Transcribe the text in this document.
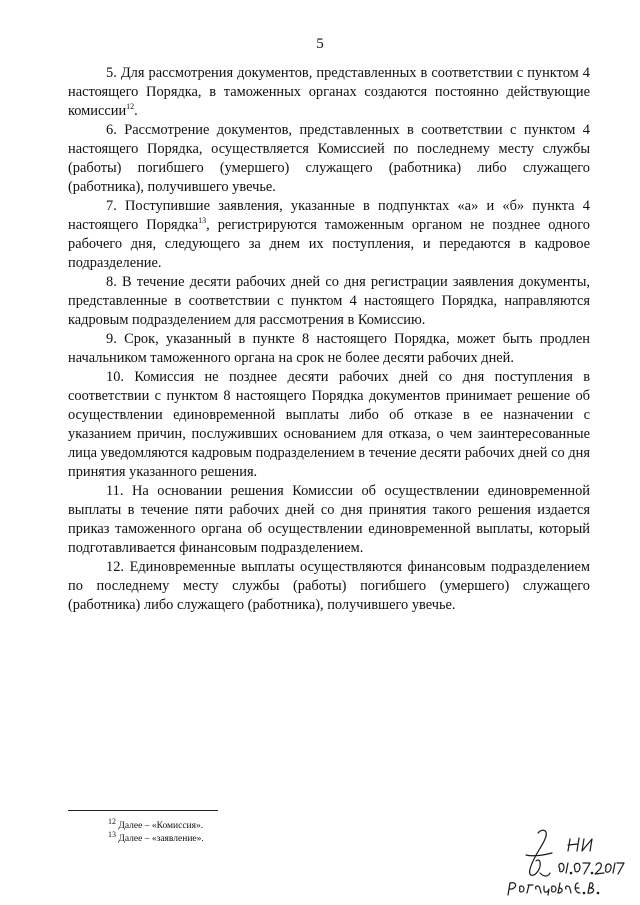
5

5. Для рассмотрения документов, представленных в соответствии с пунктом 4 настоящего Порядка, в таможенных органах создаются постоянно действующие комиссии$^{12}$.

6. Рассмотрение документов, представленных в соответствии с пунктом 4 настоящего Порядка, осуществляется Комиссией по последнему месту службы (работы) погибшего (умершего) служащего (работника) либо служащего (работника), получившего увечье.

7. Поступившие заявления, указанные в подпунктах «а» и «б» пункта 4 настоящего Порядка$^{13}$, регистрируются таможенным органом не позднее одного рабочего дня, следующего за днем их поступления, и передаются в кадровое подразделение.

8. В течение десяти рабочих дней со дня регистрации заявления документы, представленные в соответствии с пунктом 4 настоящего Порядка, направляются кадровым подразделением для рассмотрения в Комиссию.

9. Срок, указанный в пункте 8 настоящего Порядка, может быть продлен начальником таможенного органа на срок не более десяти рабочих дней.

10. Комиссия не позднее десяти рабочих дней со дня поступления в соответствии с пунктом 8 настоящего Порядка документов принимает решение об осуществлении единовременной выплаты либо об отказе в ее назначении с указанием причин, послуживших основанием для отказа, о чем заинтересованные лица уведомляются кадровым подразделением в течение десяти рабочих дней со дня принятия указанного решения.

11. На основании решения Комиссии об осуществлении единовременной выплаты в течение пяти рабочих дней со дня принятия такого решения издается приказ таможенного органа об осуществлении единовременной выплаты, который подготавливается финансовым подразделением.

12. Единовременные выплаты осуществляются финансовым подразделением по последнему месту службы (работы) погибшего (умершего) служащего (работника) либо служащего (работника), получившего увечье.

$^{12}$ Далее – «Комиссия».

$^{13}$ Далее – «заявление».
